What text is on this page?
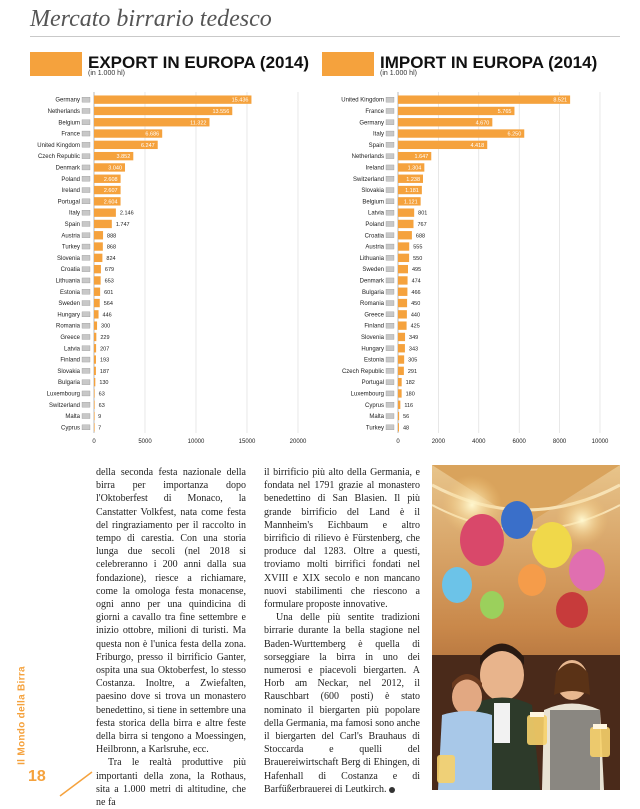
Mercato birrario tedesco
EXPORT IN EUROPA (2014)
(in 1.000 hl)
IMPORT IN EUROPA (2014)
(in 1.000 hl)
0	5000	10000	15000	20000
Germany	15.436
Netherlands	13.556
Belgium	11.322
France	6.686
United Kingdom	6.247
Czech Republic	3.852
Denmark	3.040
Poland	2.608
Ireland	2.607
Portugal	2.604
Italy	2.146
Spain	1.747
Austria	888
Turkey	868
Slovenia	824
Croatia	679
Lithuania	653
Estonia	601
Sweden	564
Hungary	446
Romania	300
Greece	229
Latvia	207
Finland	193
Slovakia	187
Bulgaria	130
Luxembourg	63
Switzerland	63
Malta	9
Cyprus	7
0	2000	4000	6000	8000	10000
United Kingdom	8.521
France	5.765
Germany	4.670
Italy	6.250
Spain	4.418
Netherlands	1.647
Ireland	1.304
Switzerland	1.238
Slovakia	1.181
Belgium	1.121
Latvia	801
Poland	767
Croatia	688
Austria	555
Lithuania	550
Sweden	495
Denmark	474
Bulgaria	466
Romania	450
Greece	440
Finland	425
Slovenia	349
Hungary	343
Estonia	305
Czech Republic	291
Portugal	182
Luxembourg	180
Cyprus	116
Malta	56
Turkey	48

della seconda festa nazionale della birra per importanza dopo l'Oktoberfest di Monaco, la Canstatter Volkfest, nata come festa del ringraziamento per il raccolto in tempo di carestia. Con una storia lunga due secoli (nel 2018 si celebreranno i 200 anni dalla sua fondazione), riesce a richiamare, come la omologa festa monacense, ogni anno per una quindicina di giorni a cavallo tra fine settembre e inizio ottobre, milioni di turisti. Ma questa non è l'unica festa della zona. Friburgo, presso il birrificio Ganter, ospita una sua Oktoberfest, lo stesso Costanza. Inoltre, a Zwiefalten, paesino dove si trova un monastero benedettino, si tiene in settembre una festa storica della birra e altre feste della birra si tengono a Moessingen, Heilbronn, a Karlsruhe, ecc.

Tra le realtà produttive più importanti della zona, la Rothaus, sita a 1.000 metri di altitudine, che ne fa

il birrificio più alto della Germania, e fondata nel 1791 grazie al monastero benedettino di San Blasien. Il più grande birrificio del Land è il Mannheim's Eichbaum e altro birrificio di rilievo è Fürstenberg, che produce dal 1283. Oltre a questi, troviamo molti birrifici fondati nel XVIII e XIX secolo e non mancano nuovi stabilimenti che riescono a formulare proposte innovative.

Una delle più sentite tradizioni birrarie durante la bella stagione nel Baden-Wurttemberg è quella di sorseggiare la birra in uno dei numerosi e piacevoli biergarten. A Horb am Neckar, nel 2012, il Rauschbart (600 posti) è stato nominato il biergarten più popolare della Germania, ma famosi sono anche il biergarten del Carl's Brauhaus di Stoccarda e quelli del Brauereiwirtschaft Berg di Ehingen, di Hafenhall di Costanza e di Barfüßerbrauerei di Leutkirch.

Il Mondo della Birra
18
